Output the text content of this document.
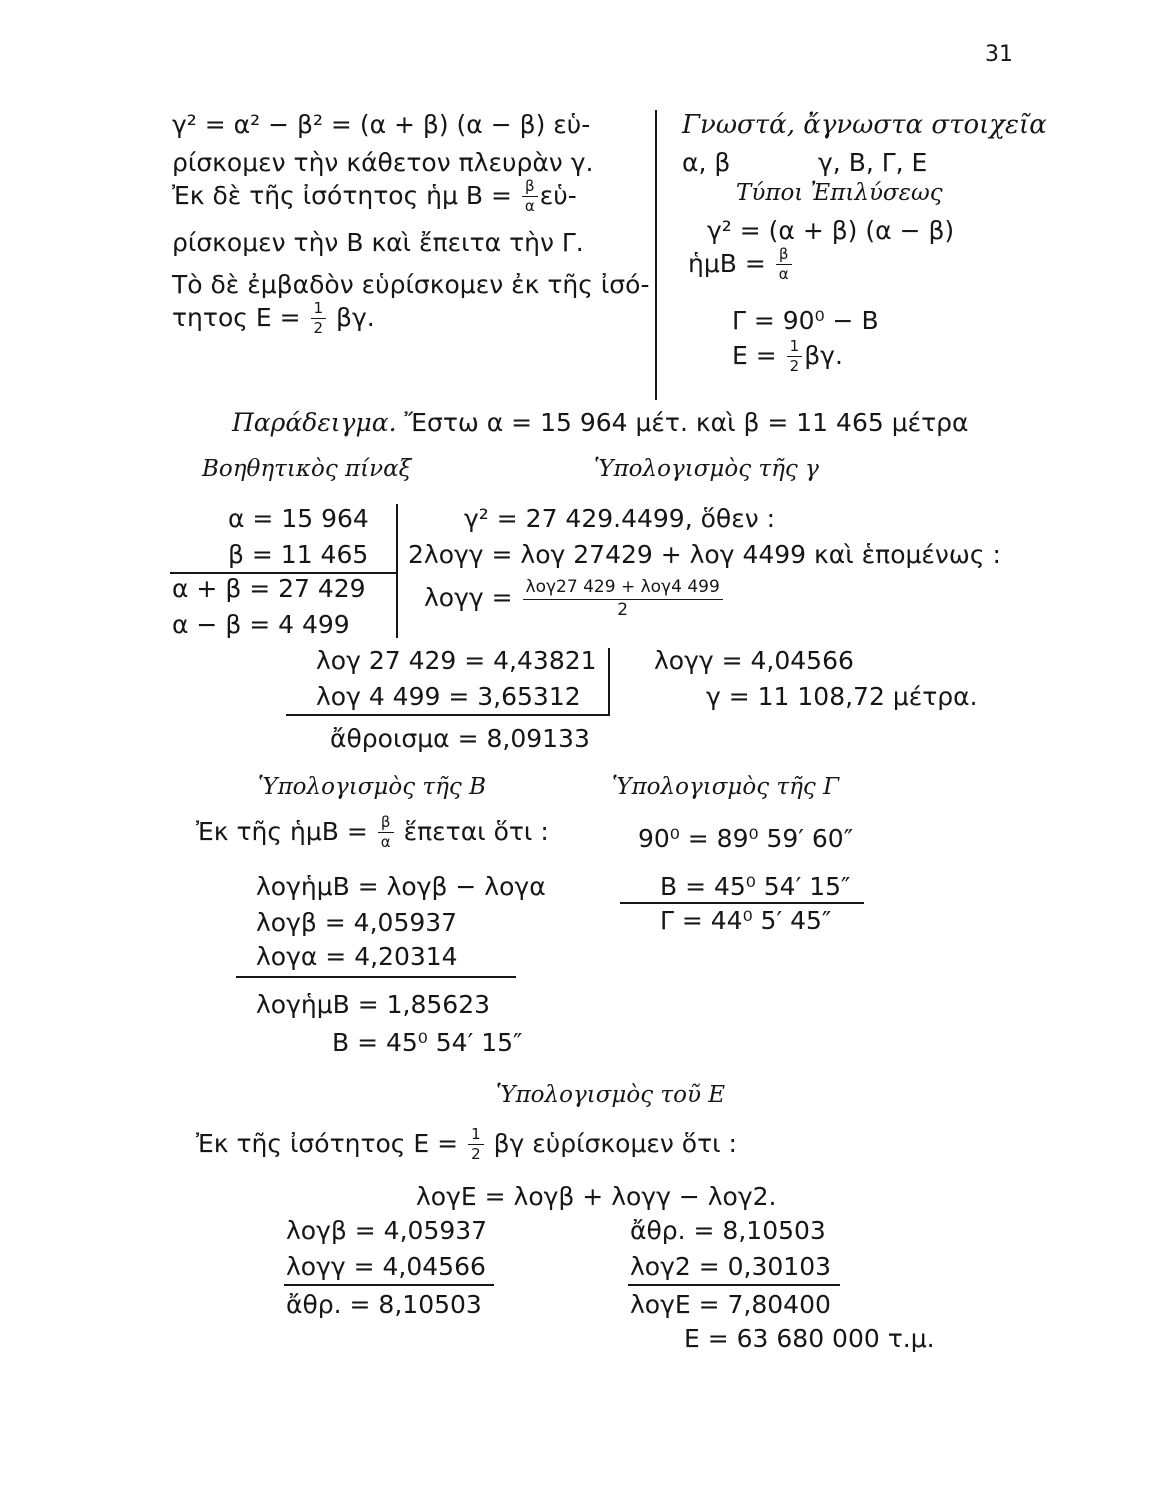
31
γ² = α² − β² = (α + β) (α − β) εὑ-
ρίσκομεν τὴν κάθετον πλευρὰν γ.
Ἐκ δὲ τῆς ἰσότητος ἡμ $B = \frac{\beta}{\alpha}$ εὑ-
ρίσκομεν τὴν Β καὶ ἔπειτα τὴν Γ.
Τὸ δὲ ἐμβαδὸν εὑρίσκομεν ἐκ τῆς ἰσό-
τητος $E = \frac{1}{2} \beta\gamma$.
Γνωστά, ἄγνωστα στοιχεῖα
α, β	γ, Β, Γ, Ε
Τύποι Ἐπιλύσεως
γ² = (α + β) (α − β)
ἡμΒ = $\frac{\beta}{\alpha}$
Γ = 90⁰ − Β
$E = \frac{1}{2} \beta\gamma$.
Παράδειγμα. Ἔστω α = 15 964 μέτ. καὶ β = 11 465 μέτρα
Βοηθητικὸς πίναξ	Ὑπολογισμὸς τῆς γ
α = 15 964
β = 11 465
α + β = 27 429
α − β = 4 499
γ² = 27 429.4499, ὅθεν :
2λογγ = λογ 27429 + λογ 4499 καὶ ἑπομένως :
$\lambda o\gamma\gamma = \frac{\text{λογ27 429 + λογ4 499}}{2}$
λογ 27 429 = 4,43821
λογ 4 499 = 3,65312
ἄθροισμα = 8,09133
λογγ = 4,04566
γ = 11 108,72 μέτρα.
Ὑπολογισμὸς τῆς Β	Ὑπολογισμὸς τῆς Γ
Ἐκ τῆς ἡμΒ = $\frac{\beta}{\alpha}$ ἕπεται ὅτι :
λογἡμΒ = λογβ − λογα
λογβ = 4,05937
λογα = 4,20314
λογἡμΒ = 1,85623
Β = 45⁰ 54′ 15″
90⁰ = 89⁰ 59′ 60″
Β = 45⁰ 54′ 15″
Γ = 44⁰ 5′ 45″
Ὑπολογισμὸς τοῦ Ε
Ἐκ τῆς ἰσότητος $E = \frac{1}{2}$ βγ εὑρίσκομεν ὅτι :
λογΕ = λογβ + λογγ − λογ2.
λογβ = 4,05937
λογγ = 4,04566
ἄθρ. = 8,10503
ἄθρ. = 8,10503
λογ2 = 0,30103
λογΕ = 7,80400
Ε = 63 680 000 τ.μ.
